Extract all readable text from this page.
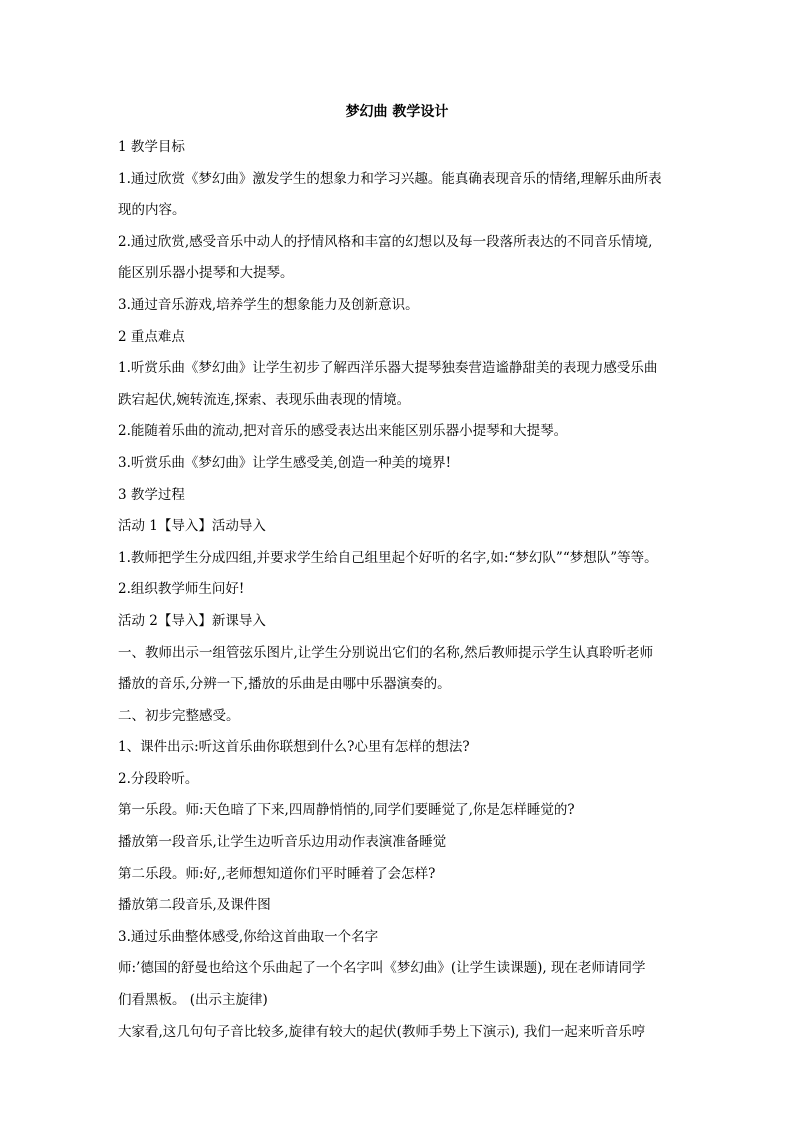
梦幻曲 教学设计

1 教学目标

1.通过欣赏《梦幻曲》激发学生的想象力和学习兴趣。能真确表现音乐的情绪,理解乐曲所表

现的内容。

2.通过欣赏,感受音乐中动人的抒情风格和丰富的幻想以及每一段落所表达的不同音乐情境,

能区别乐器小提琴和大提琴。

3.通过音乐游戏,培养学生的想象能力及创新意识。

2 重点难点

1.听赏乐曲《梦幻曲》让学生初步了解西洋乐器大提琴独奏营造谧静甜美的表现力感受乐曲

跌宕起伏,婉转流连,探索、表现乐曲表现的情境。

2.能随着乐曲的流动,把对音乐的感受表达出来能区别乐器小提琴和大提琴。

3.听赏乐曲《梦幻曲》让学生感受美,创造一种美的境界!

3 教学过程

活动 1【导入】活动导入

1.教师把学生分成四组,并要求学生给自己组里起个好听的名字,如:“梦幻队”“梦想队”等等。

2.组织教学师生问好!

活动 2【导入】新课导入

一、教师出示一组管弦乐图片,让学生分别说出它们的名称,然后教师提示学生认真聆听老师

播放的音乐,分辨一下,播放的乐曲是由哪中乐器演奏的。

二、初步完整感受。

1、课件出示:听这首乐曲你联想到什么?心里有怎样的想法?

2.分段聆听。

第一乐段。师:天色暗了下来,四周静悄悄的,同学们要睡觉了,你是怎样睡觉的?

播放第一段音乐,让学生边听音乐边用动作表演准备睡觉

第二乐段。师:好,,老师想知道你们平时睡着了会怎样?

播放第二段音乐,及课件图

3.通过乐曲整体感受,你给这首曲取一个名字

师:’德国的舒曼也给这个乐曲起了一个名字叫《梦幻曲》(让学生读课题), 现在老师请同学

们看黑板。 (出示主旋律)

大家看,这几句句子音比较多,旋律有较大的起伏(教师手势上下演示), 我们一起来听音乐哼
